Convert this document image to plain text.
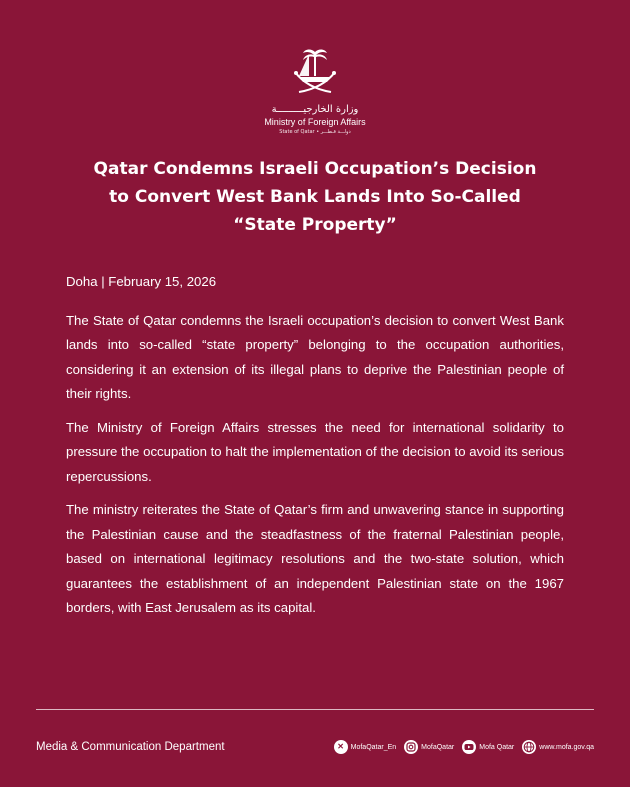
وزارة الخارجيـــــــــة
Ministry of Foreign Affairs
State of Qatar • دولـــة قـطـــر
Qatar Condemns Israeli Occupation’s Decision
to Convert West Bank Lands Into So-Called
“State Property”

Doha | February 15, 2026

The State of Qatar condemns the Israeli occupation’s decision to convert West Bank lands into so-called “state property” belonging to the occupation authorities, considering it an extension of its illegal plans to deprive the Palestinian people of their rights.

The Ministry of Foreign Affairs stresses the need for international solidarity to pressure the occupation to halt the implementation of the decision to avoid its serious repercussions.

The ministry reiterates the State of Qatar’s firm and unwavering stance in supporting the Palestinian cause and the steadfastness of the fraternal Palestinian people, based on international legitimacy resolutions and the two-state solution, which guarantees the establishment of an independent Palestinian state on the 1967 borders, with East Jerusalem as its capital.

Media & Communication Department	✕ MofaQatar_En	MofaQatar	Mofa Qatar	www.mofa.gov.qa
